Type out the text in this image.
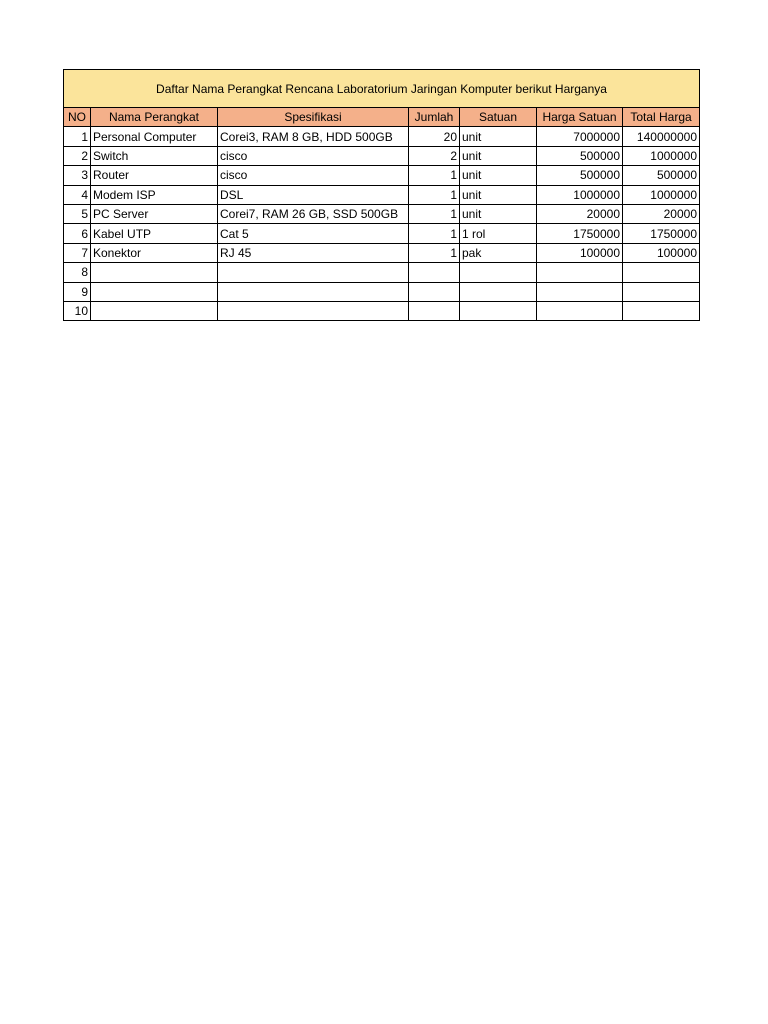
Daftar Nama Perangkat Rencana Laboratorium Jaringan Komputer berikut Harganya						
NO	Nama Perangkat	Spesifikasi	Jumlah	Satuan	Harga Satuan	Total Harga
1	Personal Computer	Corei3, RAM 8 GB, HDD 500GB	20	unit	7000000	140000000
2	Switch	cisco	2	unit	500000	1000000
3	Router	cisco	1	unit	500000	500000
4	Modem ISP	DSL	1	unit	1000000	1000000
5	PC Server	Corei7, RAM 26 GB, SSD 500GB	1	unit	20000	20000
6	Kabel UTP	Cat 5	1	1 rol	1750000	1750000
7	Konektor	RJ 45	1	pak	100000	100000
8						
9						
10						
